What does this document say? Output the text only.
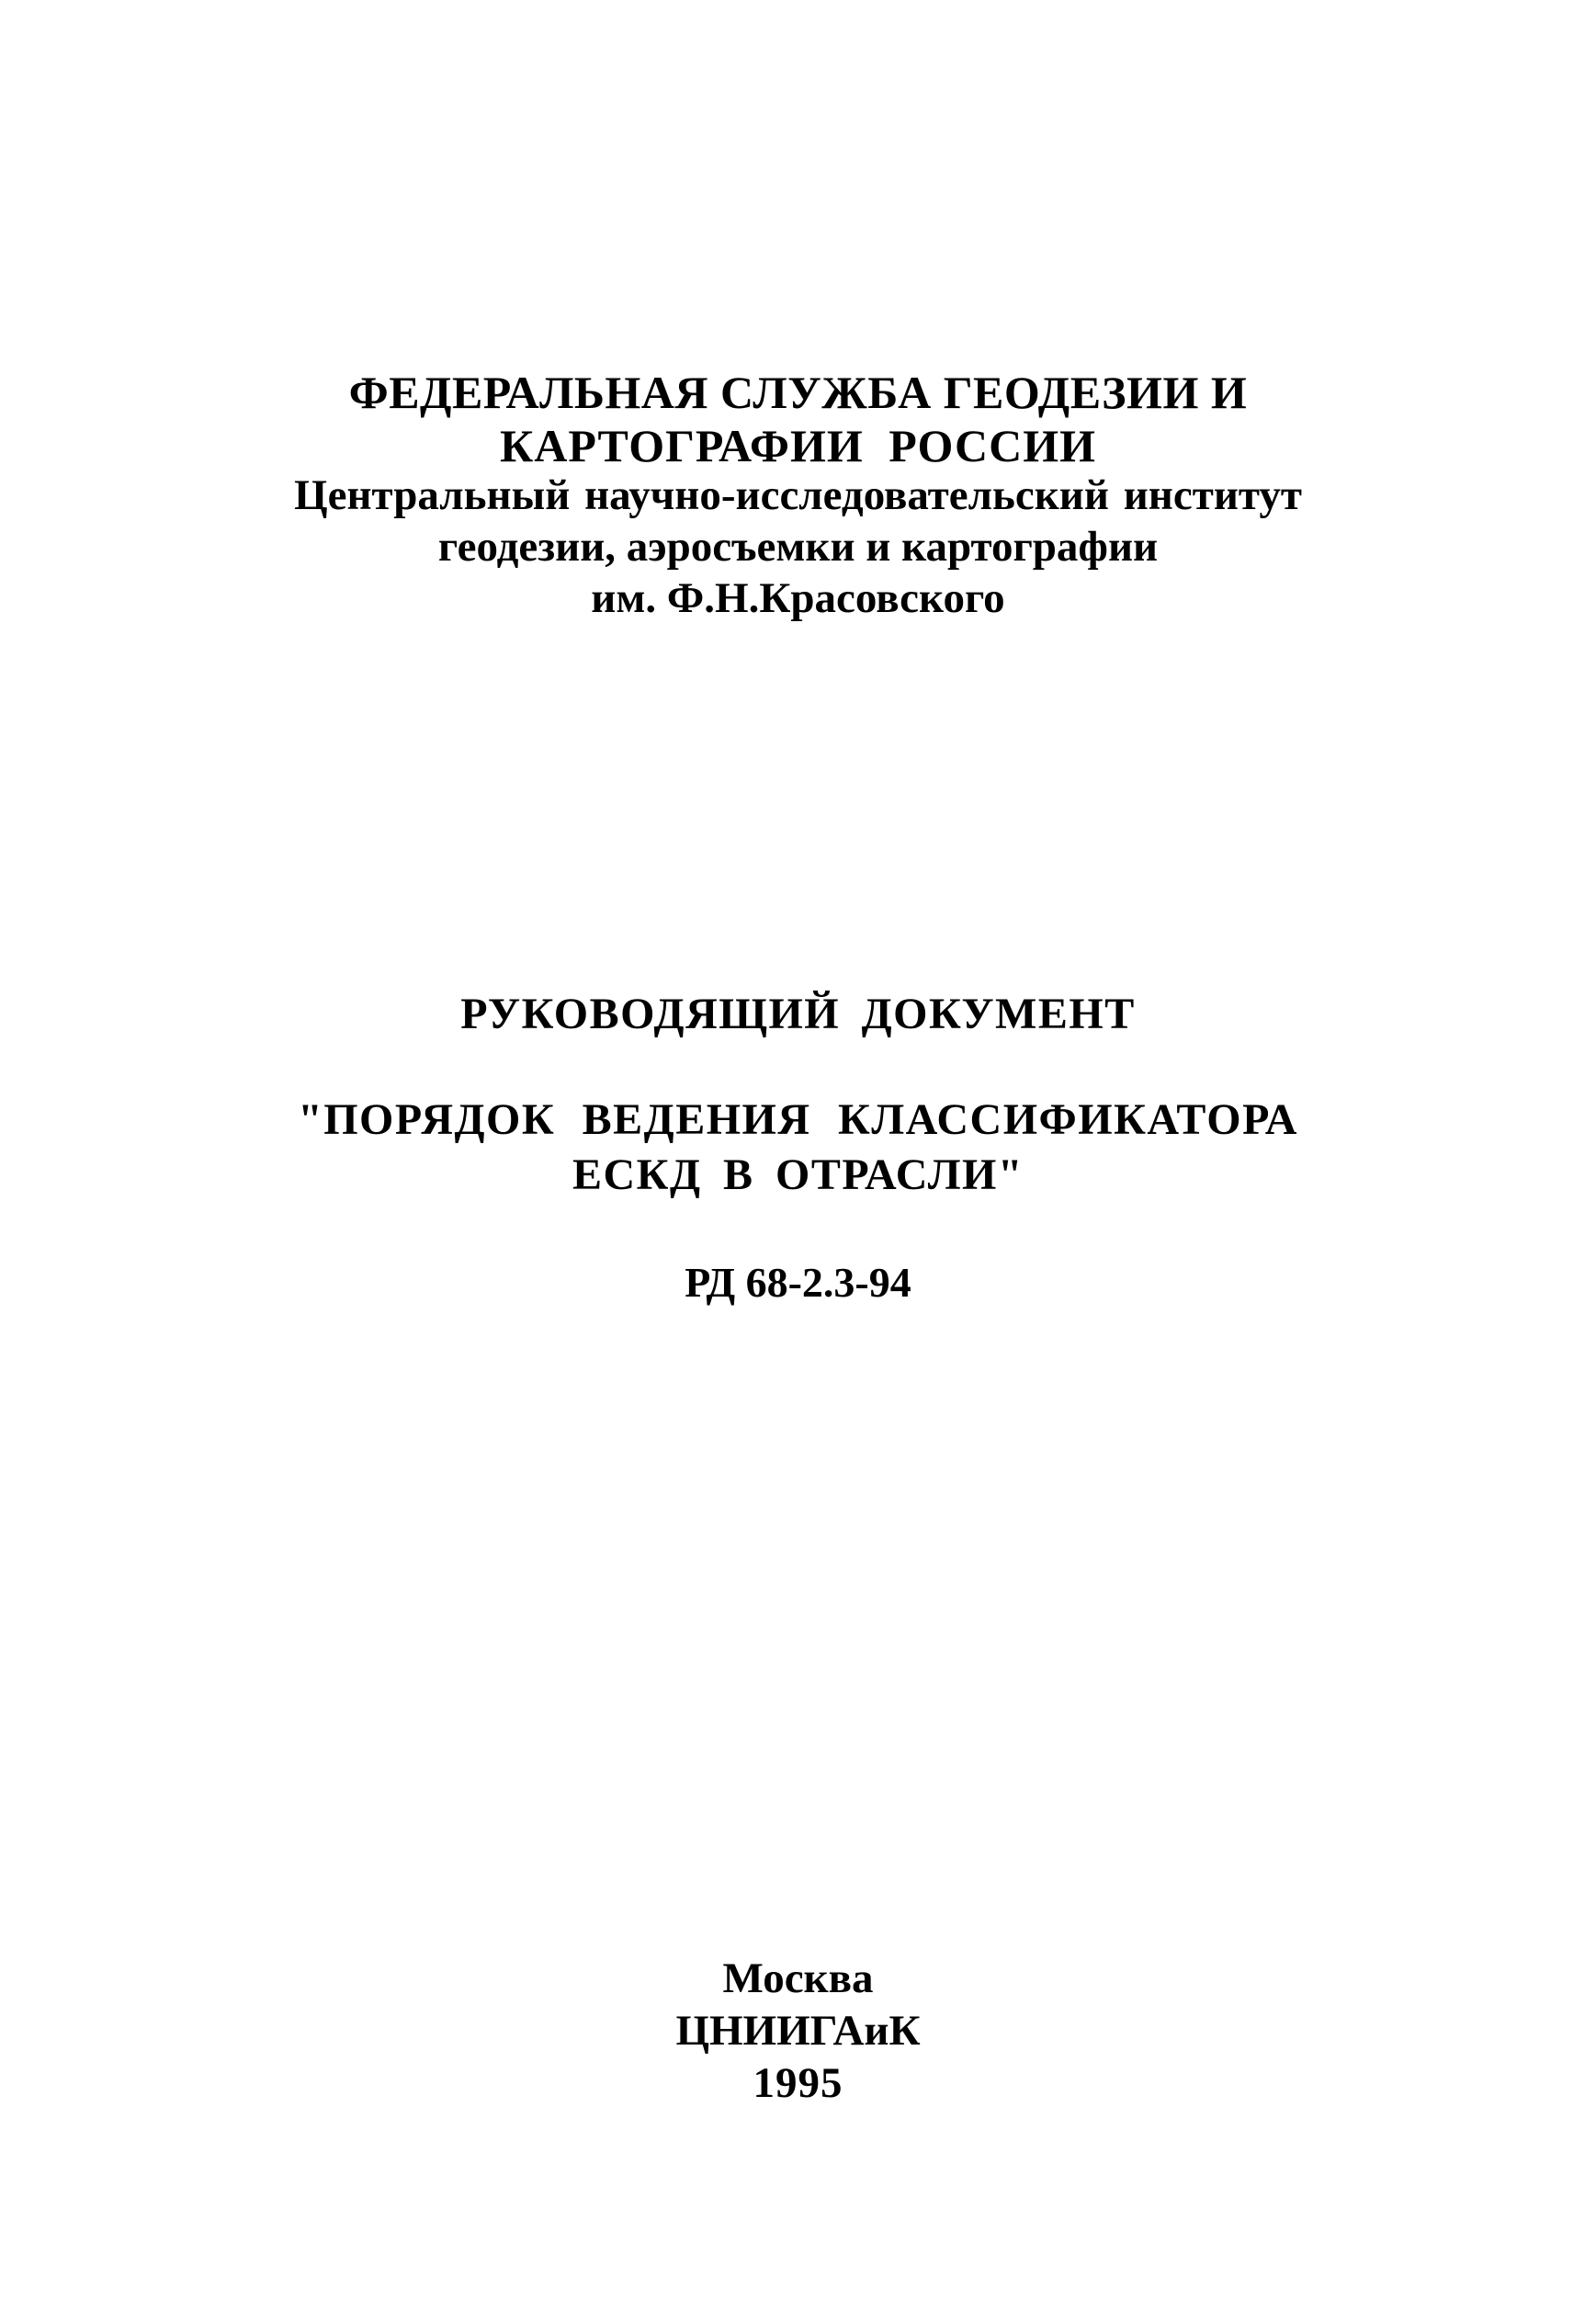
ФЕДЕРАЛЬНАЯ СЛУЖБА ГЕОДЕЗИИ И
КАРТОГРАФИИ РОССИИ
Центральный научно-исследовательский институт
геодезии, аэросъемки и картографии
им. Ф.Н.Красовского
РУКОВОДЯЩИЙ ДОКУМЕНТ
"ПОРЯДОК ВЕДЕНИЯ КЛАССИФИКАТОРА
ЕСКД В ОТРАСЛИ"
РД 68-2.3-94
Москва
ЦНИИГАиК
1995
